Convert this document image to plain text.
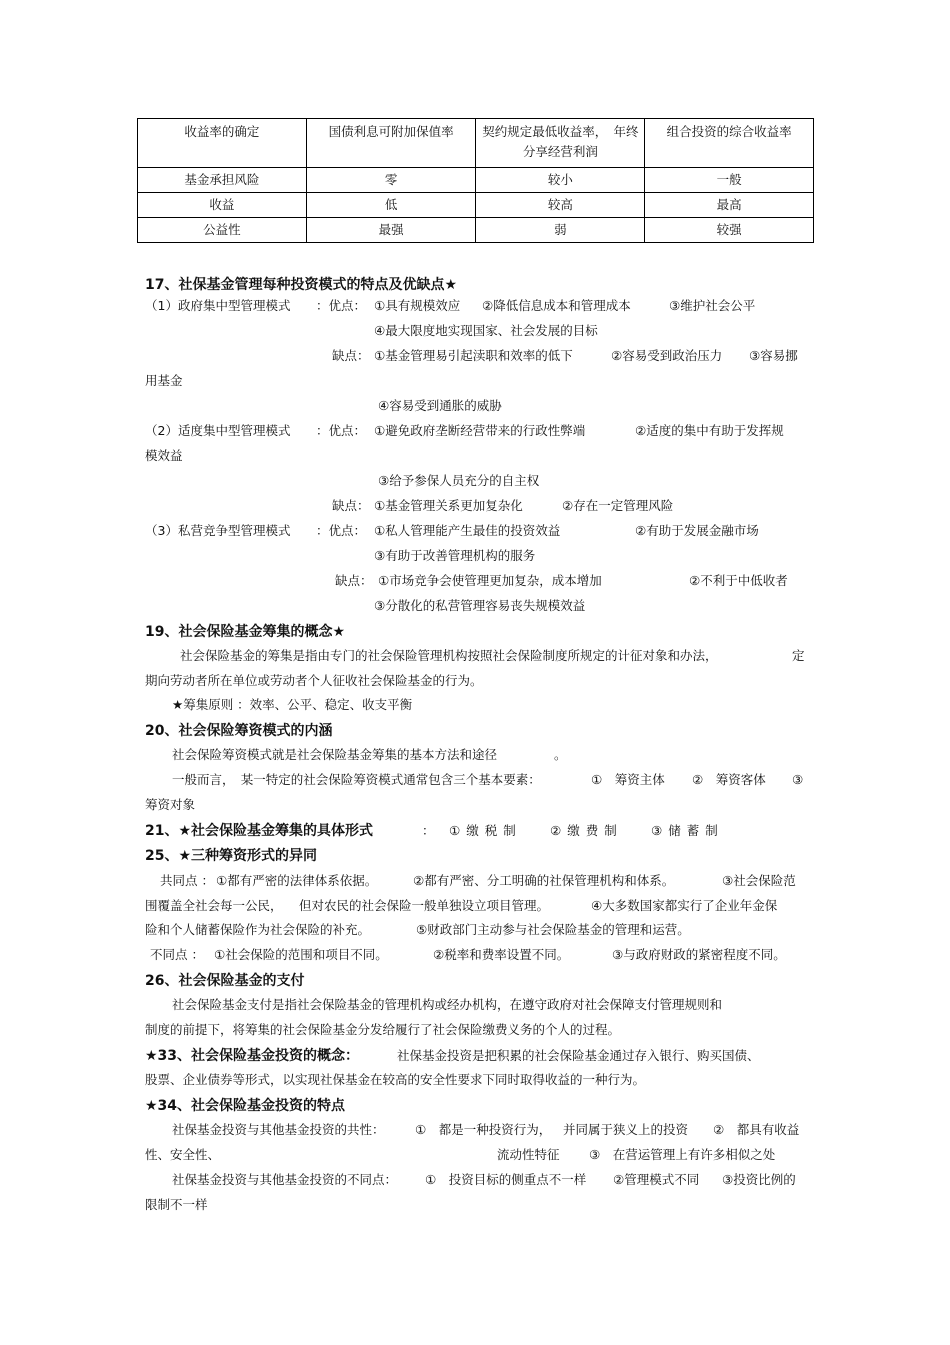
收益率的确定	国债利息可附加保值率	契约规定最低收益率，　年终分享经营利润	组合投资的综合收益率
基金承担风险	零	较小	一般
收益	低	较高	最高
公益性	最强	弱	较强
17、社保基金管理每种投资模式的特点及优缺点★
（1）政府集中型管理模式 ：优点： ①具有规模效应 ②降低信息成本和管理成本	③维护社会公平
④最大限度地实现国家、社会发展的目标
缺点： ①基金管理易引起渎职和效率的低下	②容易受到政治压力 ③容易挪
用基金
④容易受到通胀的威胁
（2）适度集中型管理模式 ：优点： ①避免政府垄断经营带来的行政性弊端	②适度的集中有助于发挥规
模效益
③给予参保人员充分的自主权
缺点： ①基金管理关系更加复杂化	②存在一定管理风险
（3）私营竞争型管理模式 ：优点： ①私人管理能产生最佳的投资效益	②有助于发展金融市场
③有助于改善管理机构的服务
缺点： ①市场竞争会使管理更加复杂，成本增加	②不利于中低收者
③分散化的私营管理容易丧失规模效益
19、社会保险基金筹集的概念★
社会保险基金的筹集是指由专门的社会保险管理机构按照社会保险制度所规定的计征对象和办法，	定
期向劳动者所在单位或劳动者个人征收社会保险基金的行为。
★筹集原则 ：效率、公平、稳定、收支平衡
20、社会保险筹资模式的内涵
社会保险筹资模式就是社会保险基金筹集的基本方法和途径	。
一般而言，　某一特定的社会保险筹资模式通常包含三个基本要素：	①　筹资主体 ②　筹资客体 ③
筹资对象
21、★社会保险基金筹集的具体形式	： ①缴税制 ②缴费制 ③储蓄制
25、★三种筹资形式的异同
共同点 ： ①都有严密的法律体系依据。	②都有严密、分工明确的社保管理机构和体系。	③社会保险范
围覆盖全社会每一公民， 但对农民的社会保险一般单独设立项目管理。	④大多数国家都实行了企业年金保
险和个人储蓄保险作为社会保险的补充。	⑤财政部门主动参与社会保险基金的管理和运营。
不同点 ： ①社会保险的范围和项目不同。	②税率和费率设置不同。	③与政府财政的紧密程度不同。
26、社会保险基金的支付
社会保险基金支付是指社会保险基金的管理机构或经办机构，在遵守政府对社会保障支付管理规则和
制度的前提下，将筹集的社会保险基金分发给履行了社会保险缴费义务的个人的过程。
★33、社会保险基金投资的概念：	社保基金投资是把积累的社会保险基金通过存入银行、购买国债、
股票、企业债券等形式，以实现社保基金在较高的安全性要求下同时取得收益的一种行为。
★34、社会保险基金投资的特点
社保基金投资与其他基金投资的共性： ①　都是一种投资行为， 并同属于狭义上的投资 ②　都具有收益
性、安全性、	流动性特征 ③　在营运管理上有许多相似之处
社保基金投资与其他基金投资的不同点： ①　投资目标的侧重点不一样 ②管理模式不同 ③投资比例的
限制不一样
